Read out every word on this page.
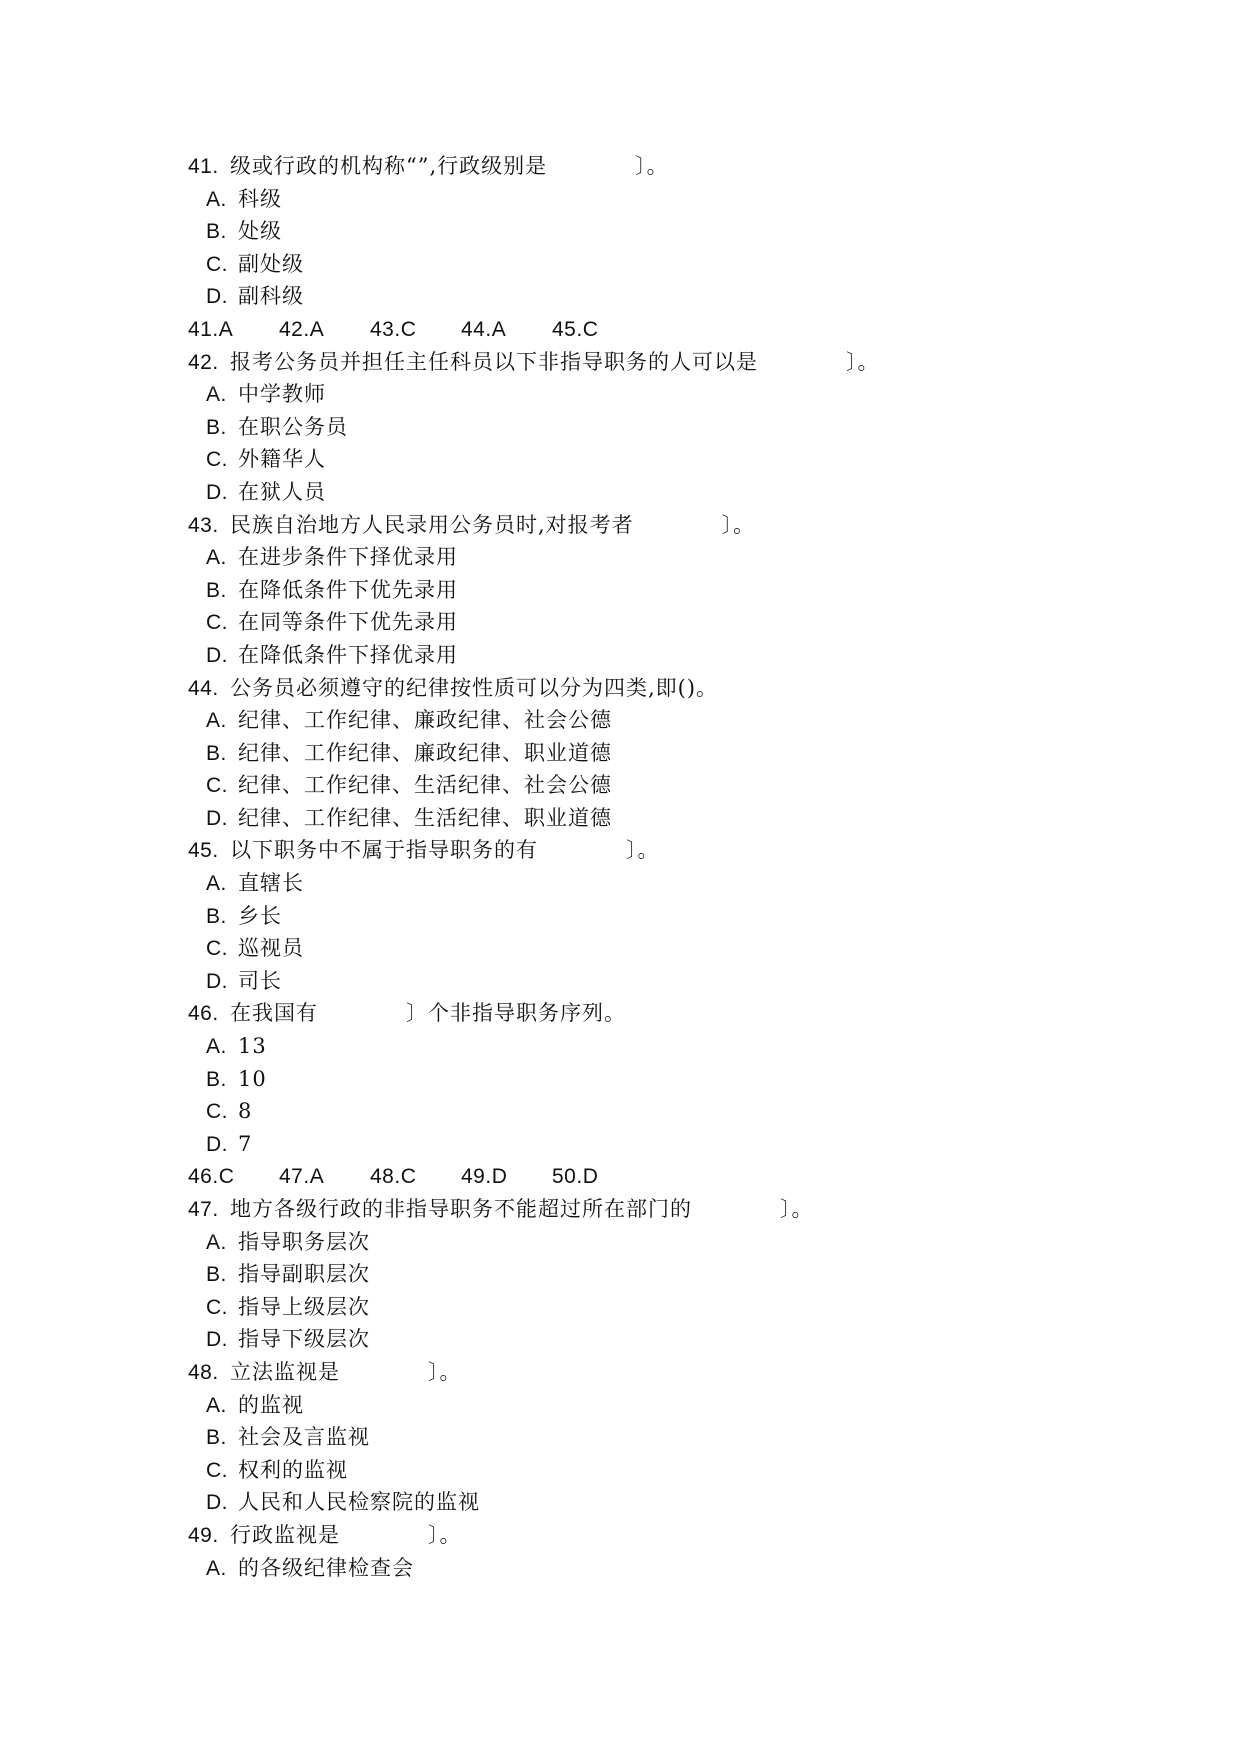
41. 级或行政的机构称“”,行政级别是　　　　〕。
A. 科级
B. 处级
C. 副处级
D. 副科级
41.A 42.A 43.C 44.A 45.C
42. 报考公务员并担任主任科员以下非指导职务的人可以是　　　　〕。
A. 中学教师
B. 在职公务员
C. 外籍华人
D. 在狱人员
43. 民族自治地方人民录用公务员时,对报考者　　　　〕。
A. 在进步条件下择优录用
B. 在降低条件下优先录用
C. 在同等条件下优先录用
D. 在降低条件下择优录用
44. 公务员必须遵守的纪律按性质可以分为四类,即()。
A. 纪律、工作纪律、廉政纪律、社会公德
B. 纪律、工作纪律、廉政纪律、职业道德
C. 纪律、工作纪律、生活纪律、社会公德
D. 纪律、工作纪律、生活纪律、职业道德
45. 以下职务中不属于指导职务的有　　　　〕。
A. 直辖长
B. 乡长
C. 巡视员
D. 司长
46. 在我国有　　　　〕个非指导职务序列。
A. 13
B. 10
C. 8
D. 7
46.C 47.A 48.C 49.D 50.D
47. 地方各级行政的非指导职务不能超过所在部门的　　　　〕。
A. 指导职务层次
B. 指导副职层次
C. 指导上级层次
D. 指导下级层次
48. 立法监视是　　　　〕。
A. 的监视
B. 社会及言监视
C. 权利的监视
D. 人民和人民检察院的监视
49. 行政监视是　　　　〕。
A. 的各级纪律检查会
